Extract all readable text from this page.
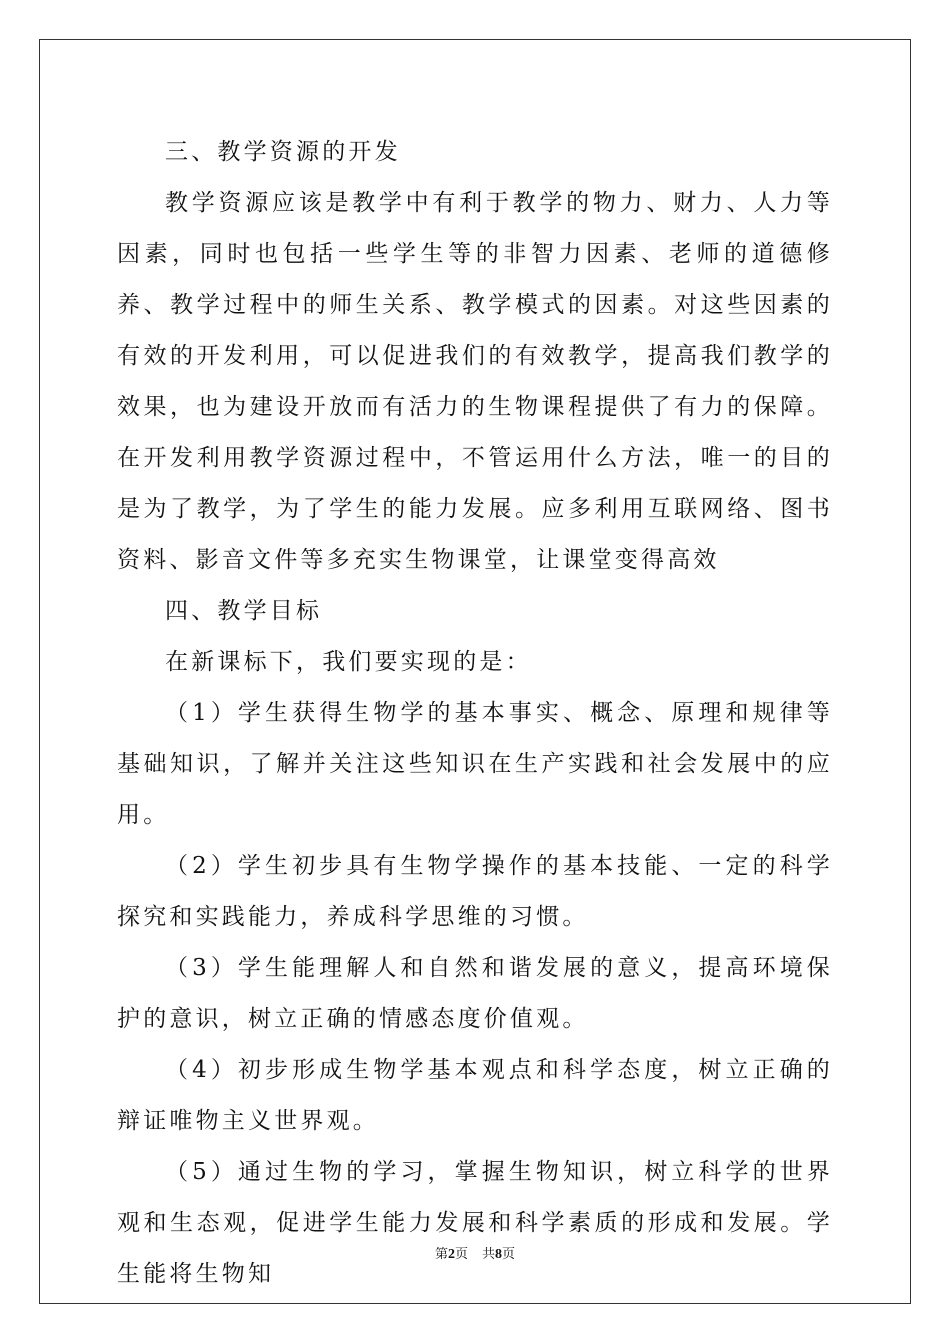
三、教学资源的开发

教学资源应该是教学中有利于教学的物力、财力、人力等因素，同时也包括一些学生等的非智力因素、老师的道德修养、教学过程中的师生关系、教学模式的因素。对这些因素的有效的开发利用，可以促进我们的有效教学，提高我们教学的效果，也为建设开放而有活力的生物课程提供了有力的保障。在开发利用教学资源过程中，不管运用什么方法，唯一的目的是为了教学，为了学生的能力发展。应多利用互联网络、图书资料、影音文件等多充实生物课堂，让课堂变得高效

四、教学目标

在新课标下，我们要实现的是：

（1）学生获得生物学的基本事实、概念、原理和规律等基础知识，了解并关注这些知识在生产实践和社会发展中的应用。

（2）学生初步具有生物学操作的基本技能、一定的科学探究和实践能力，养成科学思维的习惯。

（3）学生能理解人和自然和谐发展的意义，提高环境保护的意识，树立正确的情感态度价值观。

（4）初步形成生物学基本观点和科学态度，树立正确的辩证唯物主义世界观。

（5）通过生物的学习，掌握生物知识，树立科学的世界观和生态观，促进学生能力发展和科学素质的形成和发展。学生能将生物知

第2页 共8页
